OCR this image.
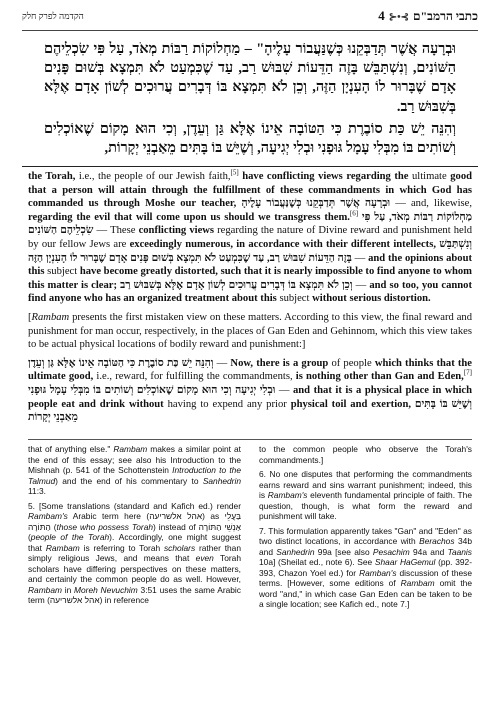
הקדמה לפרק חלק	כתבי הרמב"ם⊱•⊰4

וּבְרָעָה אֲשֶׁר תְּדַבְּקֵנוּ כְּשֶׁנַּעֲבוֹר עָלֶיהָ" – מַחְלוֹקוֹת רַבּוֹת מְאֹד, עַל פִּי שִׂכְלֵיהֶם הַשּׁוֹנִים, וְנִשְׁתַּבֵּשׁ בָּזֶה הַדֵּעוֹת שִׁבּוּשׁ רַב, עַד שֶׁכִּמְעַט לֹא תִּמְצָא בְּשׁוּם פָּנִים אָדָם שֶׁבָּרוּר לוֹ הָעִנְיָן הַזֶּה, וְכֵן לֹא תִּמְצָא בּוֹ דְּבָרִים עֲרוּכִים לְשׁוֹן אָדָם אֶלָּא בְּשִׁבּוּשׁ רַב.

וְהִנֵּה יֵשׁ כַּת סוֹבֶרֶת כִּי הַטּוֹבָה אֵינוֹ אֶלָּא גַּן וְעֵדֶן, וְכִי הוּא מָקוֹם שֶׁאוֹכְלִים וְשׁוֹתִים בּוֹ מִבְּלִי עָמָל גּוּפָנִי וּבְלִי יְגִיעָה, וְשֶׁיֵּשׁ בּוֹ בָּתִּים מֵאַבְנֵי יְקָרוֹת,

the Torah, i.e., the people of our Jewish faith,[5] have conflicting views regarding the ultimate good that a person will attain through the fulfillment of these commandments in which God has commanded us through Moshe our teacher, וּבְרָעָה אֲשֶׁר תְּדַבְּקֵנוּ כְּשֶׁנַּעֲבוֹר עָלֶיהָ — and, likewise, regarding the evil that will come upon us should we transgress them.[6] מַחְלוֹקוֹת רַבּוֹת מְאֹד, עַל פִּי שִׂכְלֵיהֶם הַשּׁוֹנִים — These conflicting views regarding the nature of Divine reward and punishment held by our fellow Jews are exceedingly numerous, in accordance with their different intellects, וְנִשְׁתַּבֵּשׁ בָּזֶה הַדֵּעוֹת שִׁבּוּשׁ רַב, עַד שֶׁכִּמְעַט לֹא תִּמְצָא בְּשׁוּם פָּנִים אָדָם שֶׁבָּרוּר לוֹ הָעִנְיָן הַזֶּה — and the opinions about this subject have become greatly distorted, such that it is nearly impossible to find anyone to whom this matter is clear; וְכֵן לֹא תִּמְצָא בּוֹ דְּבָרִים עֲרוּכִים לְשׁוֹן אָדָם אֶלָּא בְּשִׁבּוּשׁ רַב — and so too, you cannot find anyone who has an organized treatment about this subject without serious distortion.

[Rambam presents the first mistaken view on these matters. According to this view, the final reward and punishment for man occur, respectively, in the places of Gan Eden and Gehinnom, which this view takes to be actual physical locations of bodily reward and punishment:]

וְהִנֵּה יֵשׁ כַּת סוֹבֶרֶת כִּי הַטּוֹבָה אֵינוֹ אֶלָּא גַּן וְעֵדֶן — Now, there is a group of people which thinks that the ultimate good, i.e., reward, for fulfilling the commandments, is nothing other than Gan and Eden,[7] וְכִי הוּא מָקוֹם שֶׁאוֹכְלִים וְשׁוֹתִים בּוֹ מִבְּלִי עָמָל גּוּפָנִי וּבְלִי יְגִיעָה — and that it is a physical place in which people eat and drink without having to expend any prior physical toil and exertion, וְשֶׁיֵּשׁ בּוֹ בָּתִּים מֵאַבְנֵי יְקָרוֹת

that of anything else." Rambam makes a similar point at the end of this essay; see also his Introduction to the Mishnah (p. 541 of the Schottenstein Introduction to the Talmud) and the end of his commentary to Sanhedrin 11:3.

5. [Some translations (standard and Kafich ed.) render Rambam's Arabic term here (אהל אלשריעה) as בַּעֲלֵי הַתּוֹרָה (those who possess Torah) instead of אַנְשֵׁי הַתּוֹרָה (people of the Torah). Accordingly, one might suggest that Rambam is referring to Torah scholars rather than simply religious Jews, and means that even Torah scholars have differing perspectives on these matters, and certainly the common people do as well. However, Rambam in Moreh Nevuchim 3:51 uses the same Arabic term (אהל אלשריעה) in reference

to the common people who observe the Torah's commandments.]

6. No one disputes that performing the commandments earns reward and sins warrant punishment; indeed, this is Rambam's eleventh fundamental principle of faith. The question, though, is what form the reward and punishment will take.

7. This formulation apparently takes "Gan" and "Eden" as two distinct locations, in accordance with Berachos 34b and Sanhedrin 99a [see also Pesachim 94a and Taanis 10a] (Sheilat ed., note 6). See Shaar HaGemul (pp. 392-393, Chazon Yoel ed.) for Ramban's discussion of these terms. [However, some editions of Rambam omit the word "and," in which case Gan Eden can be taken to be a single location; see Kafich ed., note 7.]
